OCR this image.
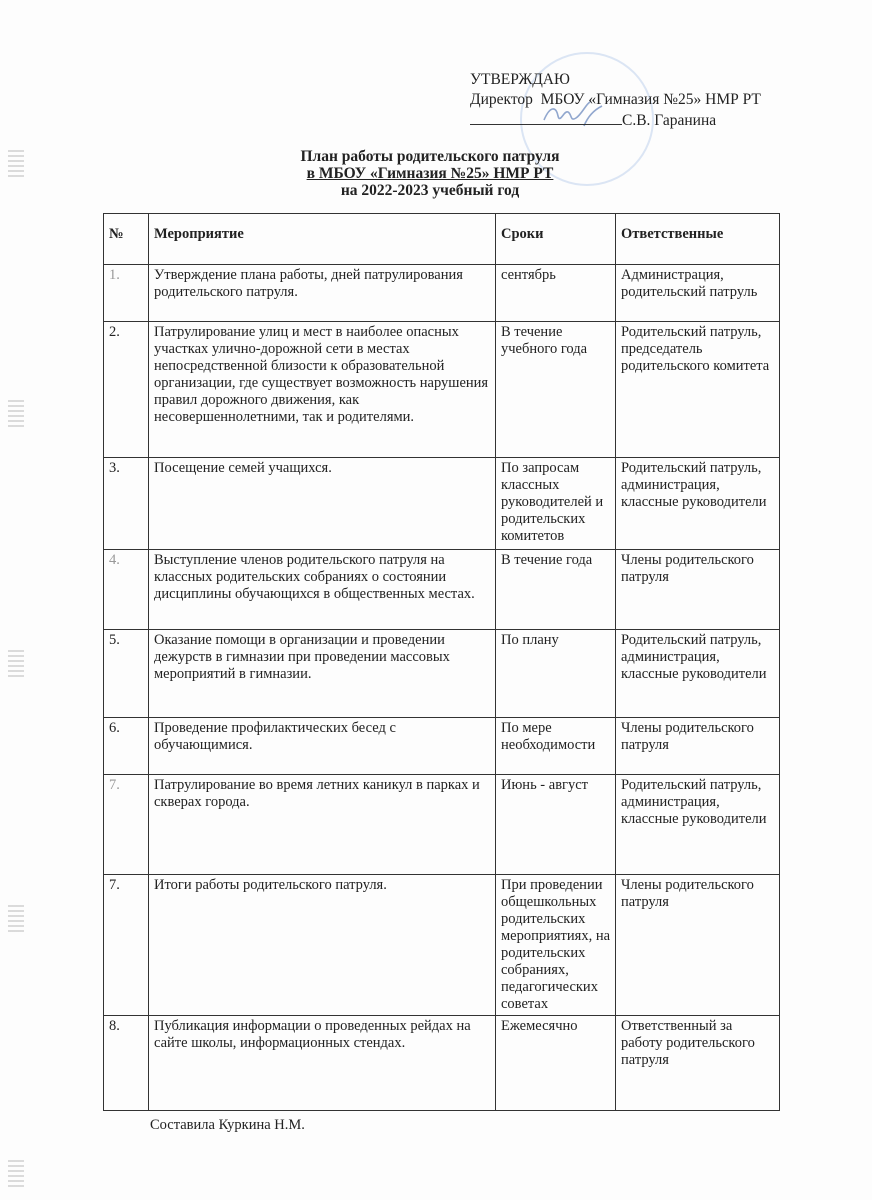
УТВЕРЖДАЮ
Директор  МБОУ «Гимназия №25» НМР РТ
С.В. Гаранина
План работы родительского патруля
в МБОУ «Гимназия №25» НМР РТ
на 2022-2023 учебный год
№	Мероприятие	Сроки	Ответственные
1.	Утверждение плана работы, дней патрулирования родительского патруля.	сентябрь	Администрация, родительский патруль
2.	Патрулирование улиц и мест в наиболее опасных участках улично-дорожной сети в местах непосредственной близости к образовательной организации, где существует возможность нарушения правил дорожного движения, как несовершеннолетними, так и родителями.	В течение учебного года	Родительский патруль, председатель родительского комитета
3.	Посещение семей учащихся.	По запросам классных руководителей и родительских комитетов	Родительский патруль, администрация, классные руководители
4.	Выступление членов родительского патруля на классных родительских собраниях о состоянии дисциплины обучающихся в общественных местах.	В течение года	Члены родительского патруля
5.	Оказание помощи в организации и проведении дежурств в гимназии при проведении массовых мероприятий в гимназии.	По плану	Родительский патруль, администрация, классные руководители
6.	Проведение профилактических бесед с обучающимися.	По мере необходимости	Члены родительского патруля
7.	Патрулирование во время летних каникул в парках и скверах города.	Июнь - август	Родительский патруль, администрация, классные руководители
7.	Итоги работы родительского патруля.	При проведении общешкольных родительских мероприятиях, на родительских собраниях, педагогических советах	Члены родительского патруля
8.	Публикация информации о проведенных рейдах на сайте школы, информационных стендах.	Ежемесячно	Ответственный за работу родительского патруля
Составила Куркина Н.М.
